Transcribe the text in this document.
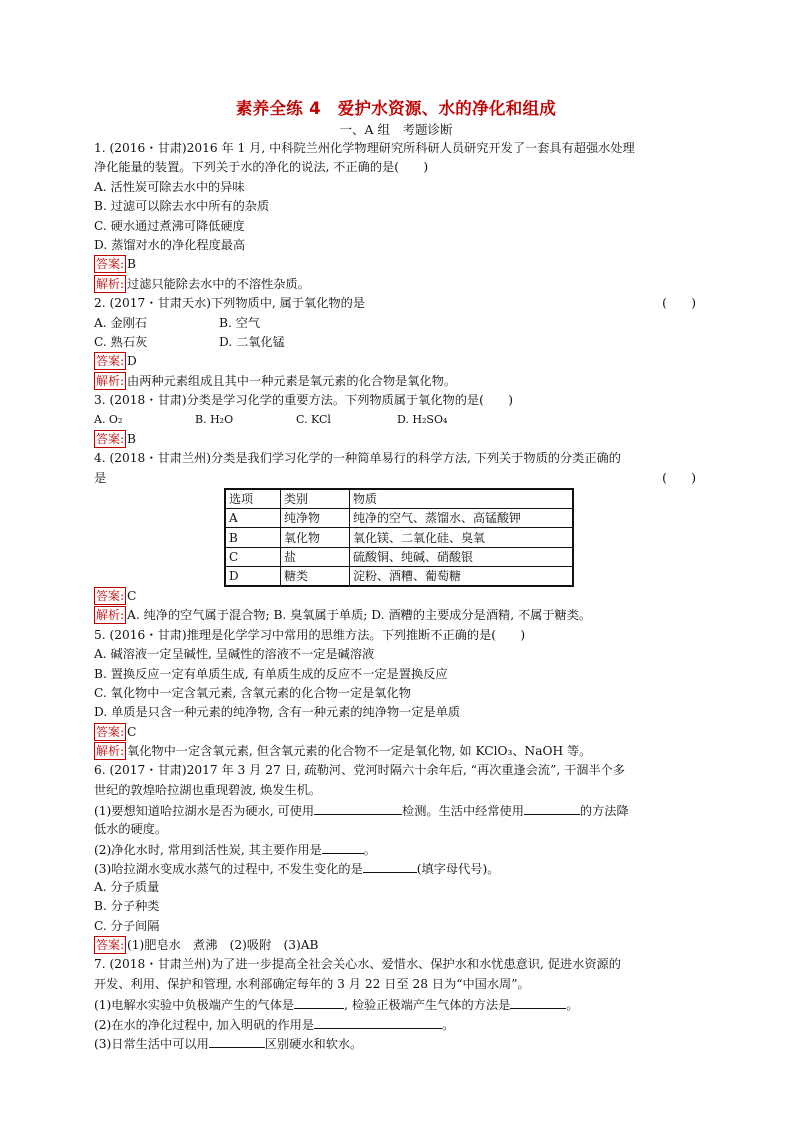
素养全练 4　爱护水资源、水的净化和组成
一、A 组　考题诊断
1. (2016・甘肃)2016 年 1 月, 中科院兰州化学物理研究所科研人员研究开发了一套具有超强水处理
净化能量的装置。下列关于水的净化的说法, 不正确的是(　　)
A. 活性炭可除去水中的异味
B. 过滤可以除去水中所有的杂质
C. 硬水通过煮沸可降低硬度
D. 蒸馏对水的净化程度最高
答案: B
解析: 过滤只能除去水中的不溶性杂质。
2. (2017・甘肃天水)下列物质中, 属于氧化物的是	(　　)
A. 金刚石	B. 空气
C. 熟石灰	D. 二氧化锰
答案: D
解析: 由两种元素组成且其中一种元素是氧元素的化合物是氧化物。
3. (2018・甘肃)分类是学习化学的重要方法。下列物质属于氧化物的是(　　)
A. O₂	B. H₂O	C. KCl	D. H₂SO₄
答案: B
4. (2018・甘肃兰州)分类是我们学习化学的一种简单易行的科学方法, 下列关于物质的分类正确的
是	(　　)
选项	类别	物质
A	纯净物	纯净的空气、蒸馏水、高锰酸钾
B	氧化物	氧化镁、二氧化硅、臭氧
C	盐	硫酸铜、纯碱、硝酸银
D	糖类	淀粉、酒糟、葡萄糖
答案: C
解析: A. 纯净的空气属于混合物; B. 臭氧属于单质; D. 酒糟的主要成分是酒精, 不属于糖类。
5. (2016・甘肃)推理是化学学习中常用的思维方法。下列推断不正确的是(　　)
A. 碱溶液一定呈碱性, 呈碱性的溶液不一定是碱溶液
B. 置换反应一定有单质生成, 有单质生成的反应不一定是置换反应
C. 氧化物中一定含氧元素, 含氧元素的化合物一定是氧化物
D. 单质是只含一种元素的纯净物, 含有一种元素的纯净物一定是单质
答案: C
解析: 氧化物中一定含氧元素, 但含氧元素的化合物不一定是氧化物, 如 KClO₃、NaOH 等。
6. (2017・甘肃)2017 年 3 月 27 日, 疏勒河、党河时隔六十余年后, “再次重逢会流”, 干涸半个多
世纪的敦煌哈拉湖也重现碧波, 焕发生机。
(1)要想知道哈拉湖水是否为硬水, 可使用	检测。生活中经常使用	的方法降
低水的硬度。
(2)净化水时, 常用到活性炭, 其主要作用是	。
(3)哈拉湖水变成水蒸气的过程中, 不发生变化的是	(填字母代号)。
A. 分子质量
B. 分子种类
C. 分子间隔
答案: (1)肥皂水　煮沸　(2)吸附　(3)AB
7. (2018・甘肃兰州)为了进一步提高全社会关心水、爱惜水、保护水和水忧患意识, 促进水资源的
开发、利用、保护和管理, 水利部确定每年的 3 月 22 日至 28 日为“中国水周”。
(1)电解水实验中负极端产生的气体是	, 检验正极端产生气体的方法是	。
(2)在水的净化过程中, 加入明矾的作用是	。
(3)日常生活中可以用	区别硬水和软水。
